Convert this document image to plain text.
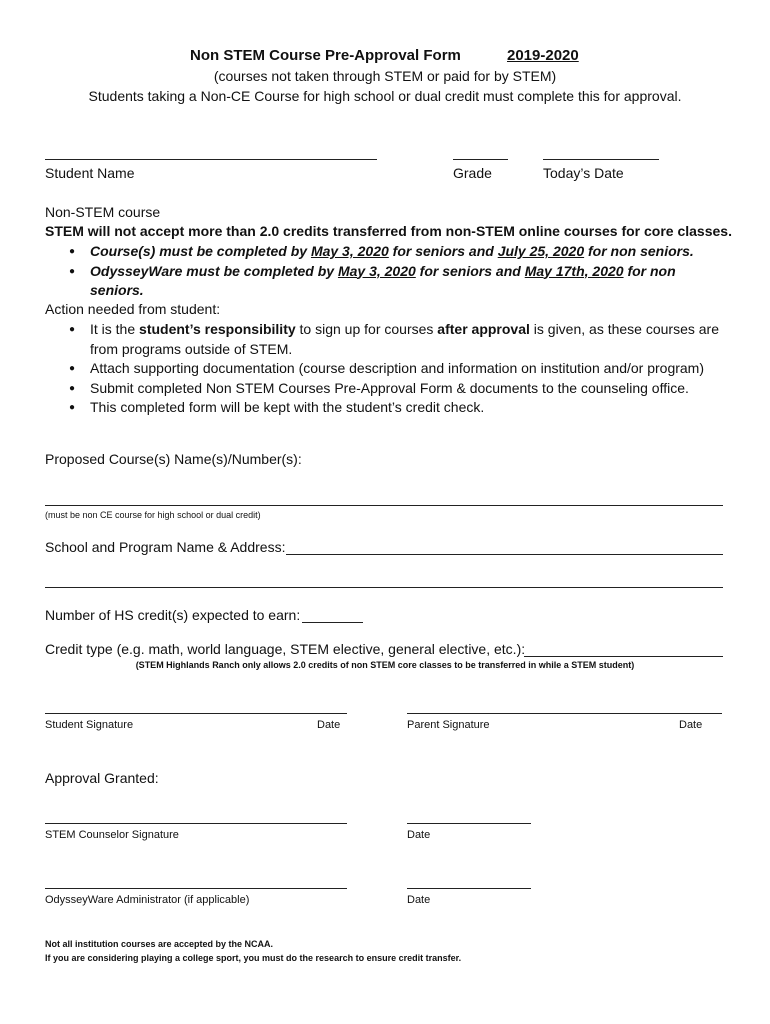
Non STEM Course Pre-Approval Form	2019-2020
(courses not taken through STEM or paid for by STEM)
Students taking a Non-CE Course for high school or dual credit must complete this for approval.
Student Name	Grade	Today’s Date
Non-STEM course
STEM will not accept more than 2.0 credits transferred from non-STEM online courses for core classes.
● Course(s) must be completed by May 3, 2020 for seniors and July 25, 2020 for non seniors.
● OdysseyWare must be completed by May 3, 2020 for seniors and May 17th, 2020 for non seniors.
Action needed from student:
● It is the student’s responsibility to sign up for courses after approval is given, as these courses are from programs outside of STEM.
● Attach supporting documentation (course description and information on institution and/or program)
● Submit completed Non STEM Courses Pre-Approval Form & documents to the counseling office.
● This completed form will be kept with the student’s credit check.
Proposed Course(s) Name(s)/Number(s):
(must be non CE course for high school or dual credit)
School and Program Name & Address:
Number of HS credit(s) expected to earn:
Credit type (e.g. math, world language, STEM elective, general elective, etc.):
(STEM Highlands Ranch only allows 2.0 credits of non STEM core classes to be transferred in while a STEM student)
Student Signature	Date	Parent Signature	Date
Approval Granted:
STEM Counselor Signature	Date
OdysseyWare Administrator (if applicable)	Date
Not all institution courses are accepted by the NCAA.
If you are considering playing a college sport, you must do the research to ensure credit transfer.
